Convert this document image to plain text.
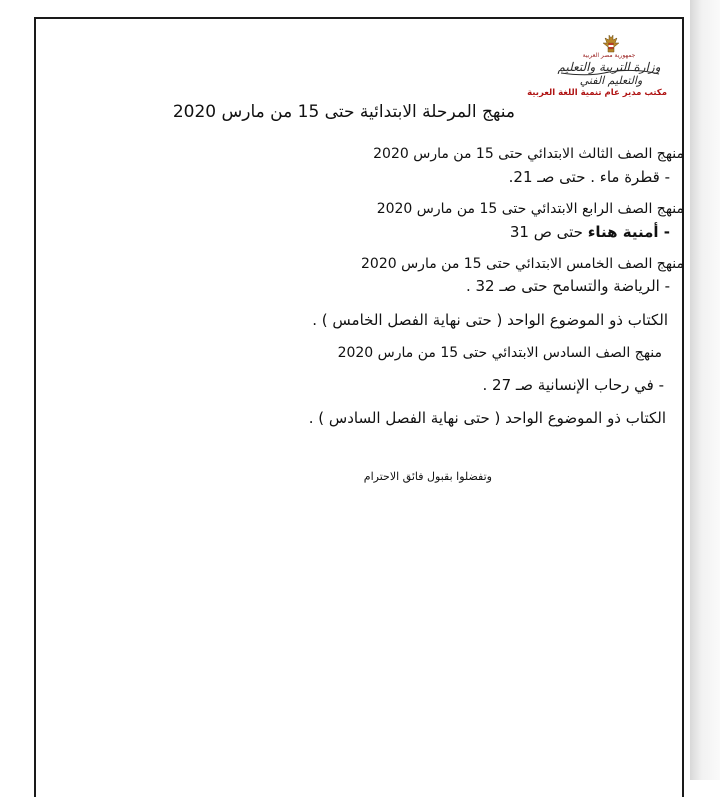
جمهورية مصر العربية
وزارة التربية والتعليم
والتعليم الفني
مكتب مدير عام تنمية اللغة العربية
منهج المرحلة الابتدائية حتى 15 من مارس 2020
منهج الصف الثالث الابتدائي حتى 15 من مارس 2020
- قطرة ماء . حتى صـ 21.
منهج الصف الرابع الابتدائي حتى 15 من مارس 2020
- أمنية هناء حتى ص 31
منهج الصف الخامس الابتدائي حتى 15 من مارس 2020
- الرياضة والتسامح حتى صـ 32 .
الكتاب ذو الموضوع الواحد ( حتى نهاية الفصل الخامس ) .
منهج الصف السادس الابتدائي حتى 15 من مارس 2020
- في رحاب الإنسانية صـ 27 .
الكتاب ذو الموضوع الواحد ( حتى نهاية الفصل السادس ) .
وتفضلوا بقبول فائق الاحترام
